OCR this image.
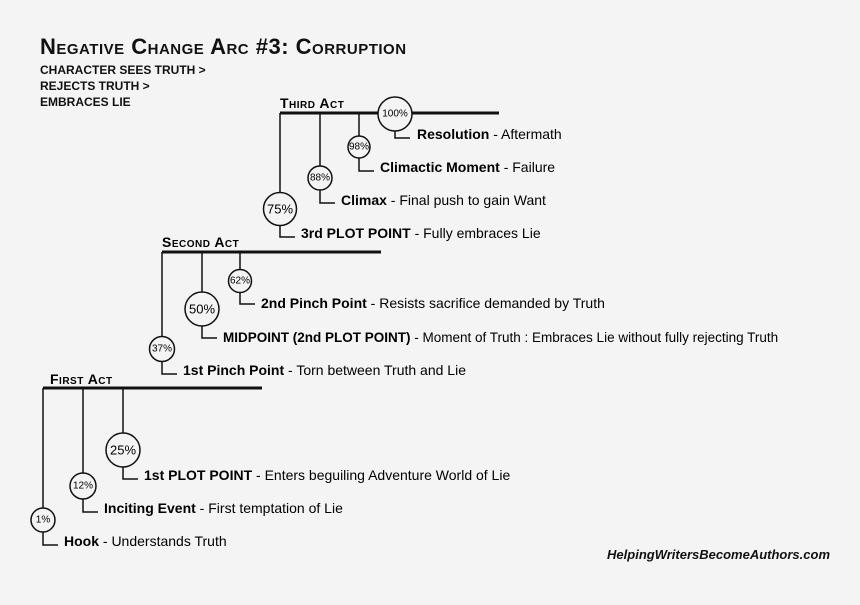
Negative Change Arc #3: Corruption
CHARACTER SEES TRUTH >
REJECTS TRUTH >
EMBRACES LIE
First Act
Second Act
Third Act
1%
12%
25%
37%
50%
62%
75%
88%
98%
100%
Hook - Understands Truth
Inciting Event - First temptation of Lie
1st PLOT POINT - Enters beguiling Adventure World of Lie
1st Pinch Point - Torn between Truth and Lie
MIDPOINT (2nd PLOT POINT) - Moment of Truth : Embraces Lie without fully rejecting Truth
2nd Pinch Point - Resists sacrifice demanded by Truth
3rd PLOT POINT - Fully embraces Lie
Climax - Final push to gain Want
Climactic Moment - Failure
Resolution - Aftermath
HelpingWritersBecomeAuthors.com
